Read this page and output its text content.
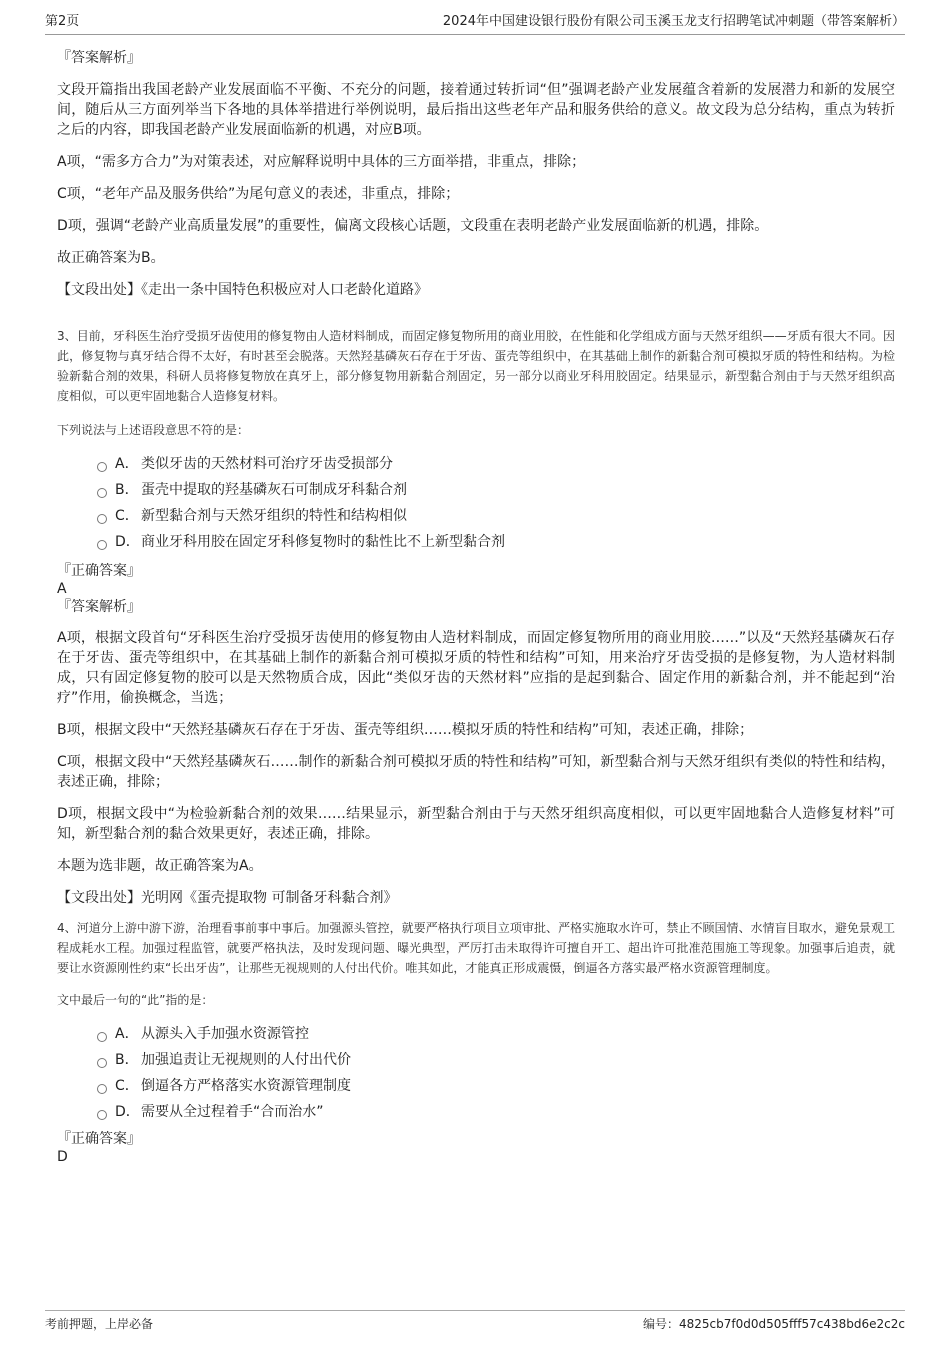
第2页	2024年中国建设银行股份有限公司玉溪玉龙支行招聘笔试冲刺题（带答案解析）
『答案解析』
文段开篇指出我国老龄产业发展面临不平衡、不充分的问题，接着通过转折词“但”强调老龄产业发展蕴含着新的发展潜力和新的发展空间，随后从三方面列举当下各地的具体举措进行举例说明，最后指出这些老年产品和服务供给的意义。故文段为总分结构，重点为转折之后的内容，即我国老龄产业发展面临新的机遇，对应B项。
A项，“需多方合力”为对策表述，对应解释说明中具体的三方面举措，非重点，排除；
C项，“老年产品及服务供给”为尾句意义的表述，非重点，排除；
D项，强调“老龄产业高质量发展”的重要性，偏离文段核心话题，文段重在表明老龄产业发展面临新的机遇，排除。
故正确答案为B。
【文段出处】《走出一条中国特色积极应对人口老龄化道路》
3、目前，牙科医生治疗受损牙齿使用的修复物由人造材料制成，而固定修复物所用的商业用胶，在性能和化学组成方面与天然牙组织——牙质有很大不同。因此，修复物与真牙结合得不太好，有时甚至会脱落。天然羟基磷灰石存在于牙齿、蛋壳等组织中，在其基础上制作的新黏合剂可模拟牙质的特性和结构。为检验新黏合剂的效果，科研人员将修复物放在真牙上，部分修复物用新黏合剂固定，另一部分以商业牙科用胶固定。结果显示，新型黏合剂由于与天然牙组织高度相似，可以更牢固地黏合人造修复材料。
下列说法与上述语段意思不符的是：
A． 类似牙齿的天然材料可治疗牙齿受损部分
B． 蛋壳中提取的羟基磷灰石可制成牙科黏合剂
C． 新型黏合剂与天然牙组织的特性和结构相似
D．商业牙科用胶在固定牙科修复物时的黏性比不上新型黏合剂
『正确答案』
A
『答案解析』
A项，根据文段首句“牙科医生治疗受损牙齿使用的修复物由人造材料制成，而固定修复物所用的商业用胶……”以及“天然羟基磷灰石存在于牙齿、蛋壳等组织中，在其基础上制作的新黏合剂可模拟牙质的特性和结构”可知，用来治疗牙齿受损的是修复物，为人造材料制成，只有固定修复物的胶可以是天然物质合成，因此“类似牙齿的天然材料”应指的是起到黏合、固定作用的新黏合剂，并不能起到“治疗”作用，偷换概念，当选；
B项，根据文段中“天然羟基磷灰石存在于牙齿、蛋壳等组织……模拟牙质的特性和结构”可知，表述正确，排除；
C项，根据文段中“天然羟基磷灰石……制作的新黏合剂可模拟牙质的特性和结构”可知，新型黏合剂与天然牙组织有类似的特性和结构，表述正确，排除；
D项，根据文段中“为检验新黏合剂的效果……结果显示，新型黏合剂由于与天然牙组织高度相似，可以更牢固地黏合人造修复材料”可知，新型黏合剂的黏合效果更好，表述正确，排除。
本题为选非题，故正确答案为A。
【文段出处】光明网《蛋壳提取物 可制备牙科黏合剂》
4、河道分上游中游下游，治理看事前事中事后。加强源头管控，就要严格执行项目立项审批、严格实施取水许可，禁止不顾国情、水情盲目取水，避免景观工程成耗水工程。加强过程监管，就要严格执法，及时发现问题、曝光典型，严厉打击未取得许可擅自开工、超出许可批准范围施工等现象。加强事后追责，就要让水资源刚性约束“长出牙齿”，让那些无视规则的人付出代价。唯其如此，才能真正形成震慑，倒逼各方落实最严格水资源管理制度。
文中最后一句的“此”指的是：
A． 从源头入手加强水资源管控
B． 加强追责让无视规则的人付出代价
C． 倒逼各方严格落实水资源管理制度
D．需要从全过程着手“合而治水”
『正确答案』
D
考前押题，上岸必备	编号：4825cb7f0d0d505fff57c438bd6e2c2c
